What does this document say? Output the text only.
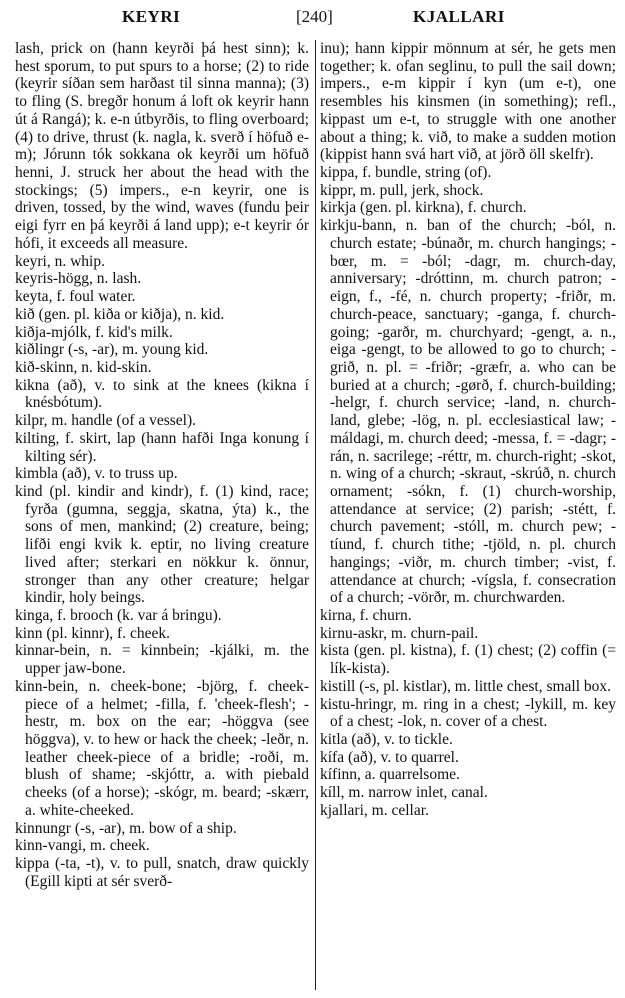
KEYRI	[240]	KJALLARI

lash, prick on (hann keyrði þá hest sinn); k. hest sporum, to put spurs to a horse; (2) to ride (keyrir síðan sem harðast til sinna manna); (3) to fling (S. bregðr honum á loft ok keyrir hann út á Rangá); k. e-n útbyrðis, to fling overboard; (4) to drive, thrust (k. nagla, k. sverð í höfuð e-m); Jórunn tók sokkana ok keyrði um höfuð henni, J. struck her about the head with the stockings; (5) impers., e-n keyrir, one is driven, tossed, by the wind, waves (fundu þeir eigi fyrr en þá keyrði á land upp); e-t keyrir ór hófi, it exceeds all measure.

keyri, n. whip.

keyris-högg, n. lash.

keyta, f. foul water.

kið (gen. pl. kiða or kiðja), n. kid.

kiðja-mjólk, f. kid's milk.

kiðlingr (-s, -ar), m. young kid.

kið-skinn, n. kid-skin.

kikna (að), v. to sink at the knees (kikna í knésbótum).

kilpr, m. handle (of a vessel).

kilting, f. skirt, lap (hann hafði Inga konung í kilting sér).

kimbla (að), v. to truss up.

kind (pl. kindir and kindr), f. (1) kind, race; fyrða (gumna, seggja, skatna, ýta) k., the sons of men, mankind; (2) creature, being; lifði engi kvik k. eptir, no living creature lived after; sterkari en nökkur k. önnur, stronger than any other creature; helgar kindir, holy beings.

kinga, f. brooch (k. var á bringu).

kinn (pl. kinnr), f. cheek.

kinnar-bein, n. = kinnbein; -kjálki, m. the upper jaw-bone.

kinn-bein, n. cheek-bone; -björg, f. cheek-piece of a helmet; -filla, f. 'cheek-flesh'; -hestr, m. box on the ear; -höggva (see höggva), v. to hew or hack the cheek; -leðr, n. leather cheek-piece of a bridle; -roði, m. blush of shame; -skjóttr, a. with piebald cheeks (of a horse); -skógr, m. beard; -skærr, a. white-cheeked.

kinnungr (-s, -ar), m. bow of a ship.

kinn-vangi, m. cheek.

kippa (-ta, -t), v. to pull, snatch, draw quickly (Egill kipti at sér sverð-

inu); hann kippir mönnum at sér, he gets men together; k. ofan seglinu, to pull the sail down; impers., e-m kippir í kyn (um e-t), one resembles his kinsmen (in something); refl., kippast um e-t, to struggle with one another about a thing; k. við, to make a sudden motion (kippist hann svá hart við, at jörð öll skelfr).

kippa, f. bundle, string (of).

kippr, m. pull, jerk, shock.

kirkja (gen. pl. kirkna), f. church.

kirkju-bann, n. ban of the church; -ból, n. church estate; -búnaðr, m. church hangings; -bœr, m. = -ból; -dagr, m. church-day, anniversary; -dróttinn, m. church patron; -eign, f., -fé, n. church property; -friðr, m. church-peace, sanctuary; -ganga, f. church-going; -garðr, m. churchyard; -gengt, a. n., eiga -gengt, to be allowed to go to church; -grið, n. pl. = -friðr; -græfr, a. who can be buried at a church; -gørð, f. church-building; -helgr, f. church service; -land, n. church-land, glebe; -lög, n. pl. ecclesiastical law; -máldagi, m. church deed; -messa, f. = -dagr; -rán, n. sacrilege; -réttr, m. church-right; -skot, n. wing of a church; -skraut, -skrúð, n. church ornament; -sókn, f. (1) church-worship, attendance at service; (2) parish; -stétt, f. church pavement; -stóll, m. church pew; -tíund, f. church tithe; -tjöld, n. pl. church hangings; -viðr, m. church timber; -vist, f. attendance at church; -vígsla, f. consecration of a church; -vörðr, m. churchwarden.

kirna, f. churn.

kirnu-askr, m. churn-pail.

kista (gen. pl. kistna), f. (1) chest; (2) coffin (= lík-kista).

kistill (-s, pl. kistlar), m. little chest, small box.

kistu-hringr, m. ring in a chest; -lykill, m. key of a chest; -lok, n. cover of a chest.

kitla (að), v. to tickle.

kífa (að), v. to quarrel.

kífinn, a. quarrelsome.

kíll, m. narrow inlet, canal.

kjallari, m. cellar.
